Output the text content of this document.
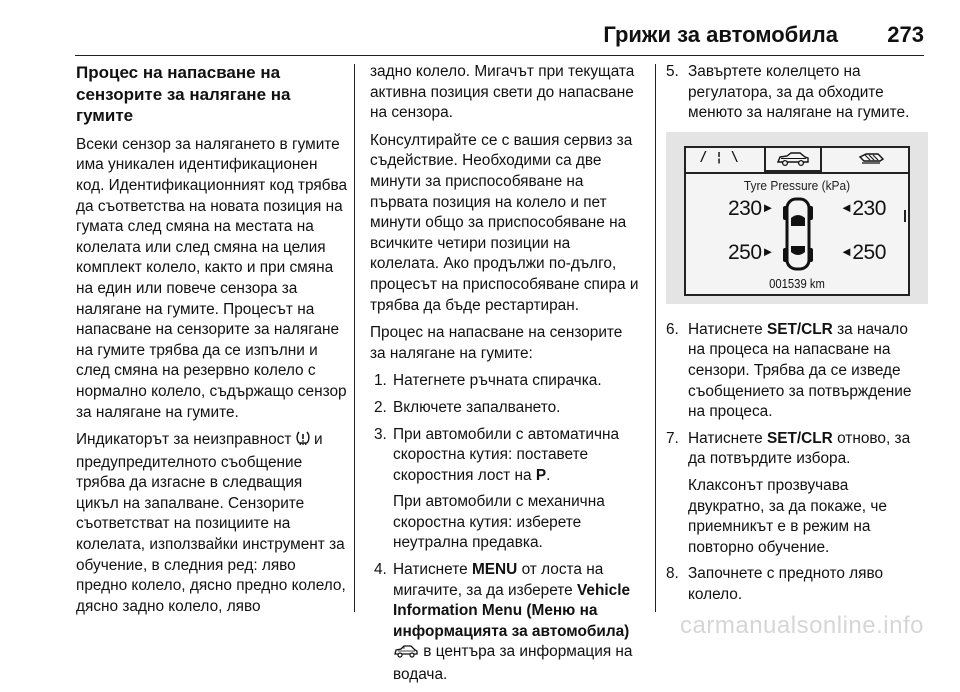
Грижи за автомобила 273
Процес на напасване на сензорите за налягане на гумите

Всеки сензор за налягането в гумите има уникален идентификационен код. Идентификационният код трябва да съответства на новата позиция на гумата след смяна на местата на колелата или след смяна на целия комплект колело, както и при смяна на един или повече сензора за налягане на гумите. Процесът на напасване на сензорите за налягане на гумите трябва да се изпълни и след смяна на резервно колело с нормално колело, съдържащо сензор за налягане на гумите.

Индикаторът за неизправност и предупредителното съобщение трябва да изгасне в следващия цикъл на запалване. Сензорите съответстват на позициите на колелата, използвайки инструмент за обучение, в следния ред: ляво предно колело, дясно предно колело, дясно задно колело, ляво

задно колело. Мигачът при текущата активна позиция свети до напасване на сензора.

Консултирайте се с вашия сервиз за съдействие. Необходими са две минути за приспособяване на първата позиция на колело и пет минути общо за приспособяване на всичките четири позиции на колелата. Ако продължи по-дълго, процесът на приспособяване спира и трябва да бъде рестартиран.

Процес на напасване на сензорите за налягане на гумите:

1. Натегнете ръчната спирачка.
2. Включете запалването.
3. При автомобили с автоматична скоростна кутия: поставете скоростния лост на P.
При автомобили с механична скоростна кутия: изберете неутрална предавка.
4. Натиснете MENU от лоста на мигачите, за да изберете Vehicle Information Menu (Меню на информацията за автомобила)  в центъра за информация на водача.
5. Завъртете колелцето на регулатора, за да обходите менюто за налягане на гумите.
/ ¦ \
Tyre Pressure (kPa)
230►	◄230
250►	◄250
001539 km
6. Натиснете SET/CLR за начало на процеса на напасване на сензори. Трябва да се изведе съобщението за потвърждение на процеса.
7. Натиснете SET/CLR отново, за да потвърдите избора.
Клаксонът прозвучава двукратно, за да покаже, че приемникът е в режим на повторно обучение.
8. Започнете с предното ляво колело.
carmanualsonline.info
